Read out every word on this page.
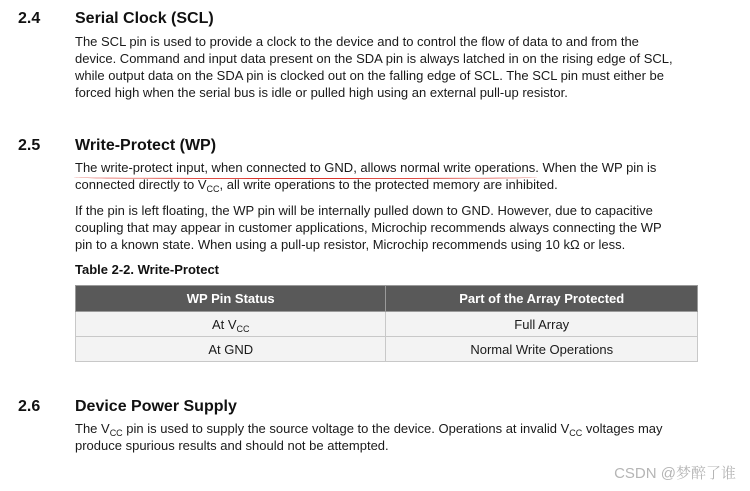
2.4 Serial Clock (SCL)
The SCL pin is used to provide a clock to the device and to control the flow of data to and from the
device. Command and input data present on the SDA pin is always latched in on the rising edge of SCL,
while output data on the SDA pin is clocked out on the falling edge of SCL. The SCL pin must either be
forced high when the serial bus is idle or pulled high using an external pull-up resistor.
2.5 Write-Protect (WP)
The write-protect input, when connected to GND, allows normal write operations
. When the WP pin is
connected directly to $V_{CC}$, all write operations to the protected memory are inhibited.
If the pin is left floating, the WP pin will be internally pulled down to GND. However, due to capacitive
coupling that may appear in customer applications, Microchip recommends always connecting the WP
pin to a known state. When using a pull-up resistor, Microchip recommends using 10 kΩ or less.
Table 2-2. Write-Protect
WP Pin Status	Part of the Array Protected
At $V_{CC}$	Full Array
At GND	Normal Write Operations
2.6 Device Power Supply
The $V_{CC}$ pin is used to supply the source voltage to the device. Operations at invalid $V_{CC}$ voltages may
produce spurious results and should not be attempted.
CSDN @梦醉了谁
